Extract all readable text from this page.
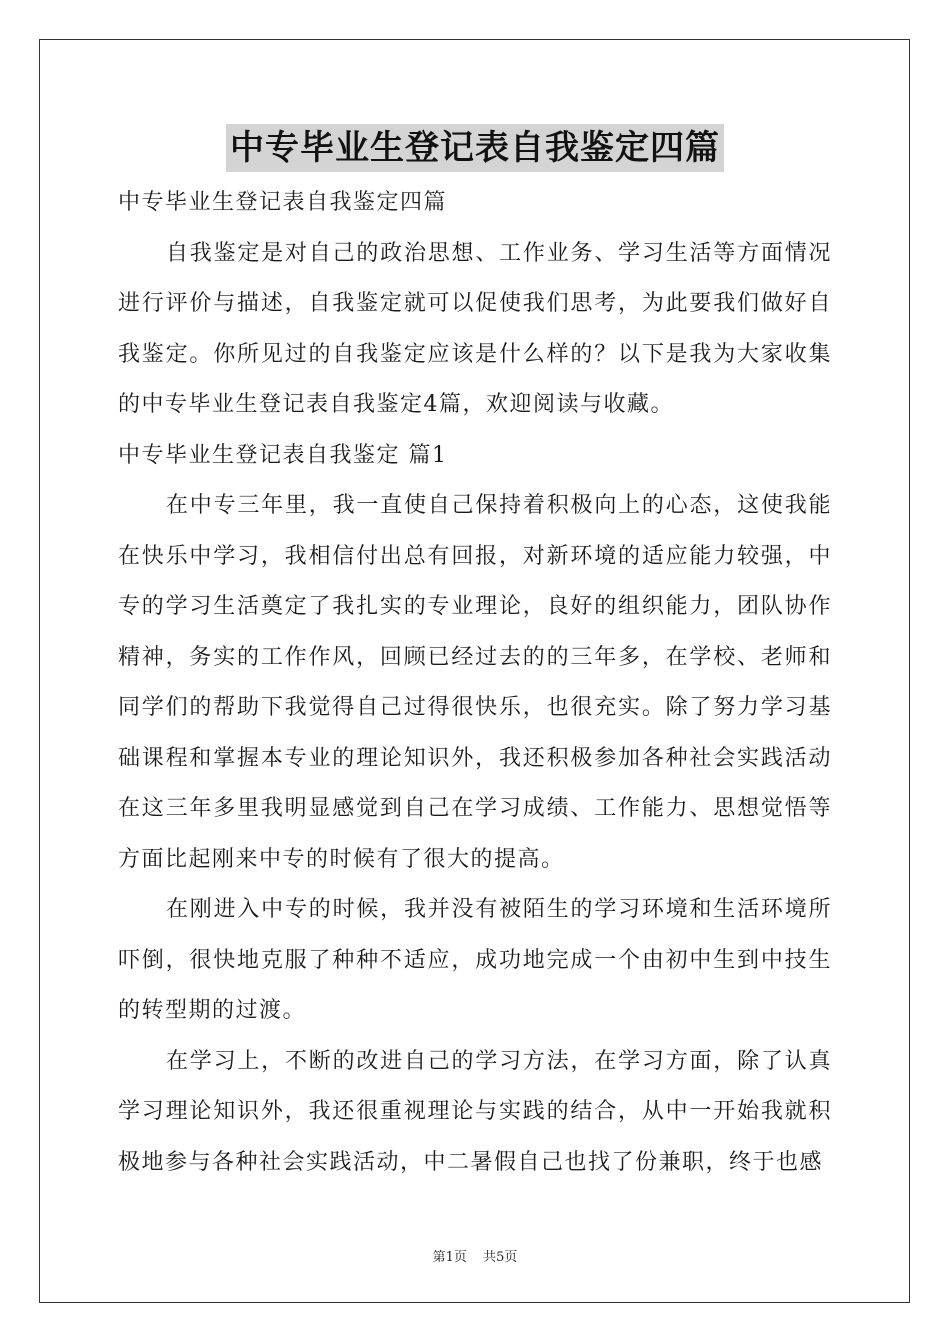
中专毕业生登记表自我鉴定四篇

中专毕业生登记表自我鉴定四篇

自我鉴定是对自己的政治思想、工作业务、学习生活等方面情况进行评价与描述，自我鉴定就可以促使我们思考，为此要我们做好自我鉴定。你所见过的自我鉴定应该是什么样的？以下是我为大家收集的中专毕业生登记表自我鉴定4篇，欢迎阅读与收藏。

中专毕业生登记表自我鉴定 篇1

在中专三年里，我一直使自己保持着积极向上的心态，这使我能在快乐中学习，我相信付出总有回报，对新环境的适应能力较强，中专的学习生活奠定了我扎实的专业理论，良好的组织能力，团队协作精神，务实的工作作风，回顾已经过去的的三年多，在学校、老师和同学们的帮助下我觉得自己过得很快乐，也很充实。除了努力学习基础课程和掌握本专业的理论知识外，我还积极参加各种社会实践活动在这三年多里我明显感觉到自己在学习成绩、工作能力、思想觉悟等方面比起刚来中专的时候有了很大的提高。

在刚进入中专的时候，我并没有被陌生的学习环境和生活环境所吓倒，很快地克服了种种不适应，成功地完成一个由初中生到中技生的转型期的过渡。

在学习上，不断的改进自己的学习方法，在学习方面，除了认真学习理论知识外，我还很重视理论与实践的结合，从中一开始我就积极地参与各种社会实践活动，中二暑假自己也找了份兼职，终于也感

第1页 共5页
